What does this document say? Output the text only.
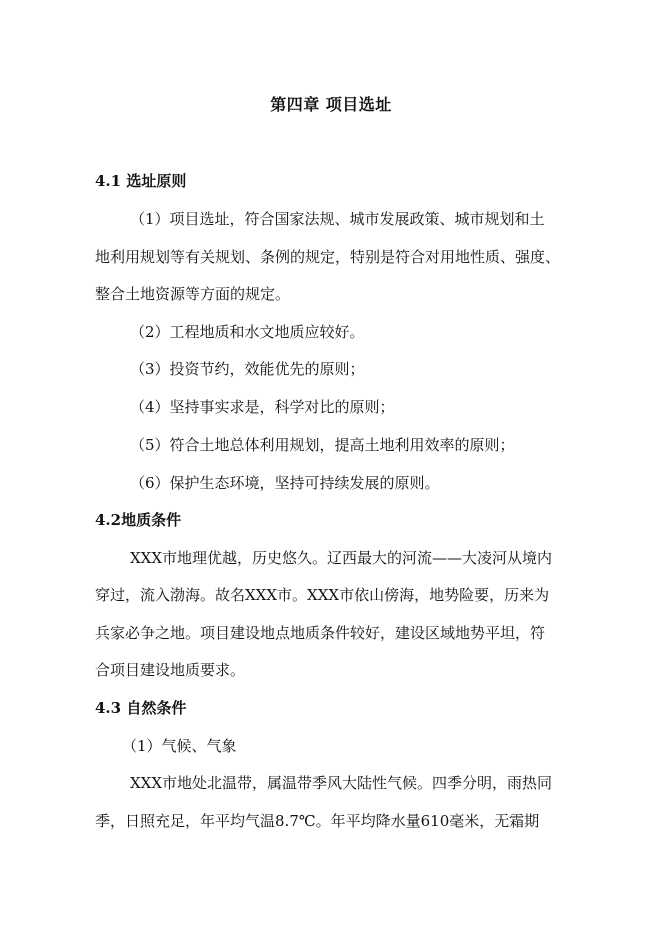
第四章 项目选址
4.1 选址原则
（1）项目选址，符合国家法规、城市发展政策、城市规划和土
地利用规划等有关规划、条例的规定，特别是符合对用地性质、强度、
整合土地资源等方面的规定。
（2）工程地质和水文地质应较好。
（3）投资节约，效能优先的原则；
（4）坚持事实求是，科学对比的原则；
（5）符合土地总体利用规划，提高土地利用效率的原则；
（6）保护生态环境，坚持可持续发展的原则。
4.2地质条件
XXX市地理优越，历史悠久。辽西最大的河流——大凌河从境内
穿过，流入渤海。故名XXX市。XXX市依山傍海，地势险要，历来为
兵家必争之地。项目建设地点地质条件较好，建设区域地势平坦，符
合项目建设地质要求。
4.3 自然条件
（1）气候、气象
XXX市地处北温带，属温带季风大陆性气候。四季分明，雨热同
季，日照充足，年平均气温8.7℃。年平均降水量610毫米，无霜期
